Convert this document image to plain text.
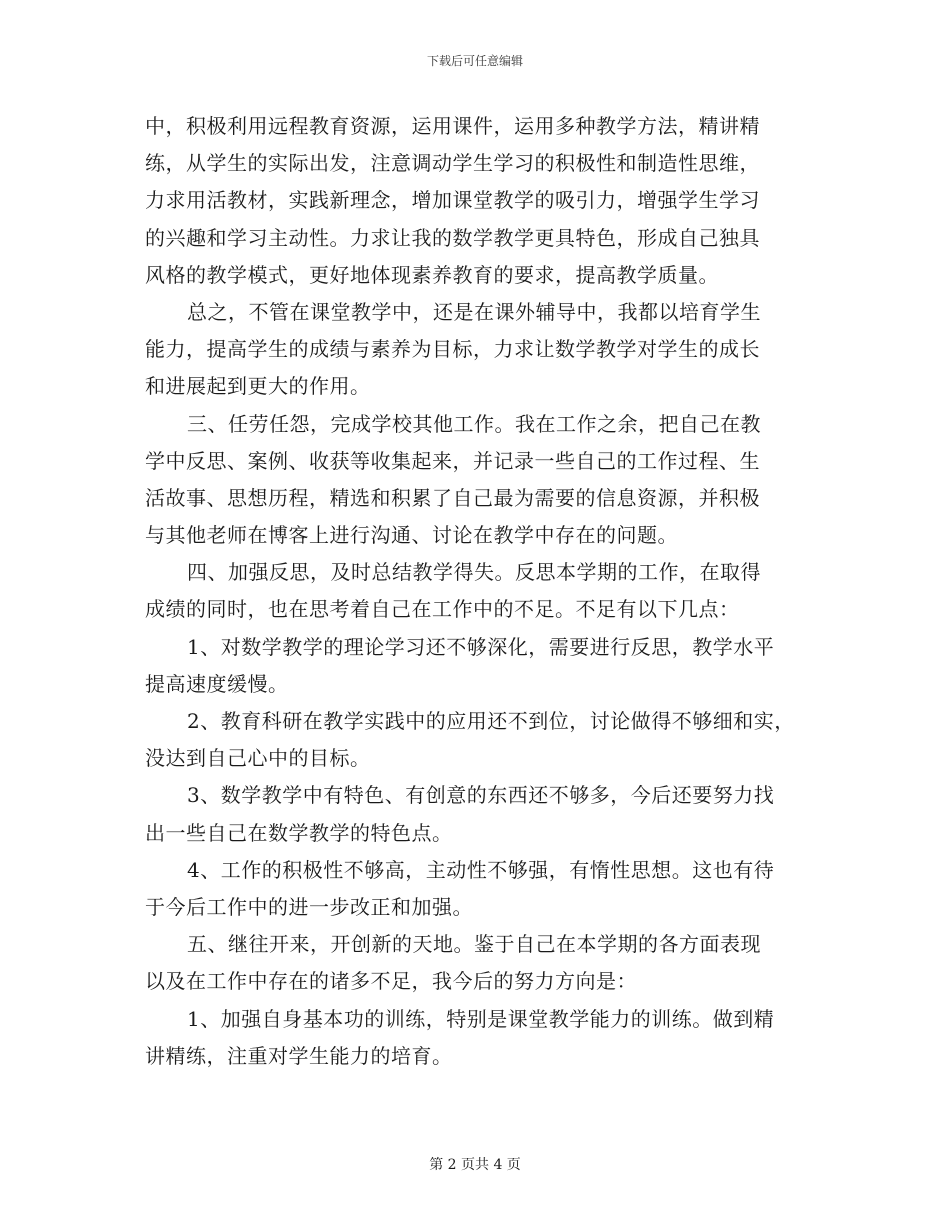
下载后可任意编辑
中，积极利用远程教育资源，运用课件，运用多种教学方法，精讲精
练，从学生的实际出发，注意调动学生学习的积极性和制造性思维，
力求用活教材，实践新理念，增加课堂教学的吸引力，增强学生学习
的兴趣和学习主动性。力求让我的数学教学更具特色，形成自己独具
风格的教学模式，更好地体现素养教育的要求，提高教学质量。
总之，不管在课堂教学中，还是在课外辅导中，我都以培育学生
能力，提高学生的成绩与素养为目标，力求让数学教学对学生的成长
和进展起到更大的作用。
三、任劳任怨，完成学校其他工作。我在工作之余，把自己在教
学中反思、案例、收获等收集起来，并记录一些自己的工作过程、生
活故事、思想历程，精选和积累了自己最为需要的信息资源，并积极
与其他老师在博客上进行沟通、讨论在教学中存在的问题。
四、加强反思，及时总结教学得失。反思本学期的工作，在取得
成绩的同时，也在思考着自己在工作中的不足。不足有以下几点：
1、对数学教学的理论学习还不够深化，需要进行反思，教学水平
提高速度缓慢。
2、教育科研在教学实践中的应用还不到位，讨论做得不够细和实，
没达到自己心中的目标。
3、数学教学中有特色、有创意的东西还不够多，今后还要努力找
出一些自己在数学教学的特色点。
4、工作的积极性不够高，主动性不够强，有惰性思想。这也有待
于今后工作中的进一步改正和加强。
五、继往开来，开创新的天地。鉴于自己在本学期的各方面表现
以及在工作中存在的诸多不足，我今后的努力方向是：
1、加强自身基本功的训练，特别是课堂教学能力的训练。做到精
讲精练，注重对学生能力的培育。
第 2 页共 4 页
